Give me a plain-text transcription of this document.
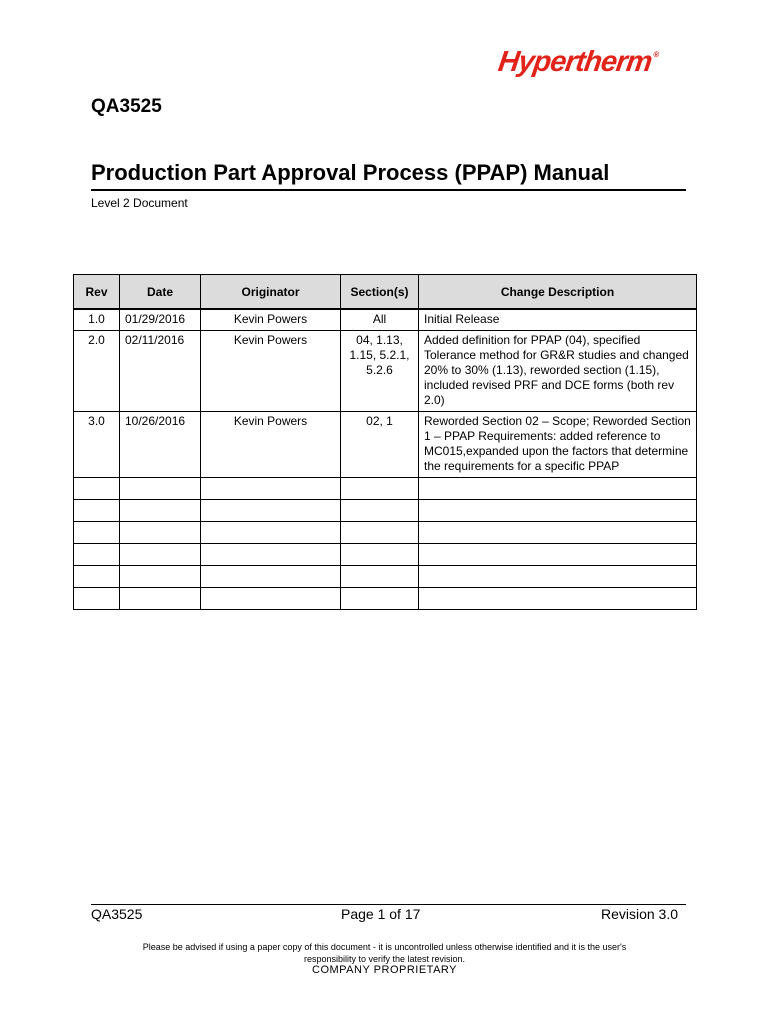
Hypertherm®
QA3525
Production Part Approval Process (PPAP) Manual
Level 2 Document
Rev	Date	Originator	Section(s)	Change Description
1.0	01/29/2016	Kevin Powers	All	Initial Release
2.0	02/11/2016	Kevin Powers	04, 1.13, 1.15, 5.2.1, 5.2.6	Added definition for PPAP (04), specified Tolerance method for GR&R studies and changed 20% to 30% (1.13), reworded section (1.15), included revised PRF and DCE forms (both rev 2.0)
3.0	10/26/2016	Kevin Powers	02, 1	Reworded Section 02 – Scope; Reworded Section 1 – PPAP Requirements: added reference to MC015,expanded upon the factors that determine the requirements for a specific PPAP

QA3525	Page 1 of 17	Revision 3.0
Please be advised if using a paper copy of this document - it is uncontrolled unless otherwise identified and it is the user's
responsibility to verify the latest revision.
COMPANY PROPRIETARY
